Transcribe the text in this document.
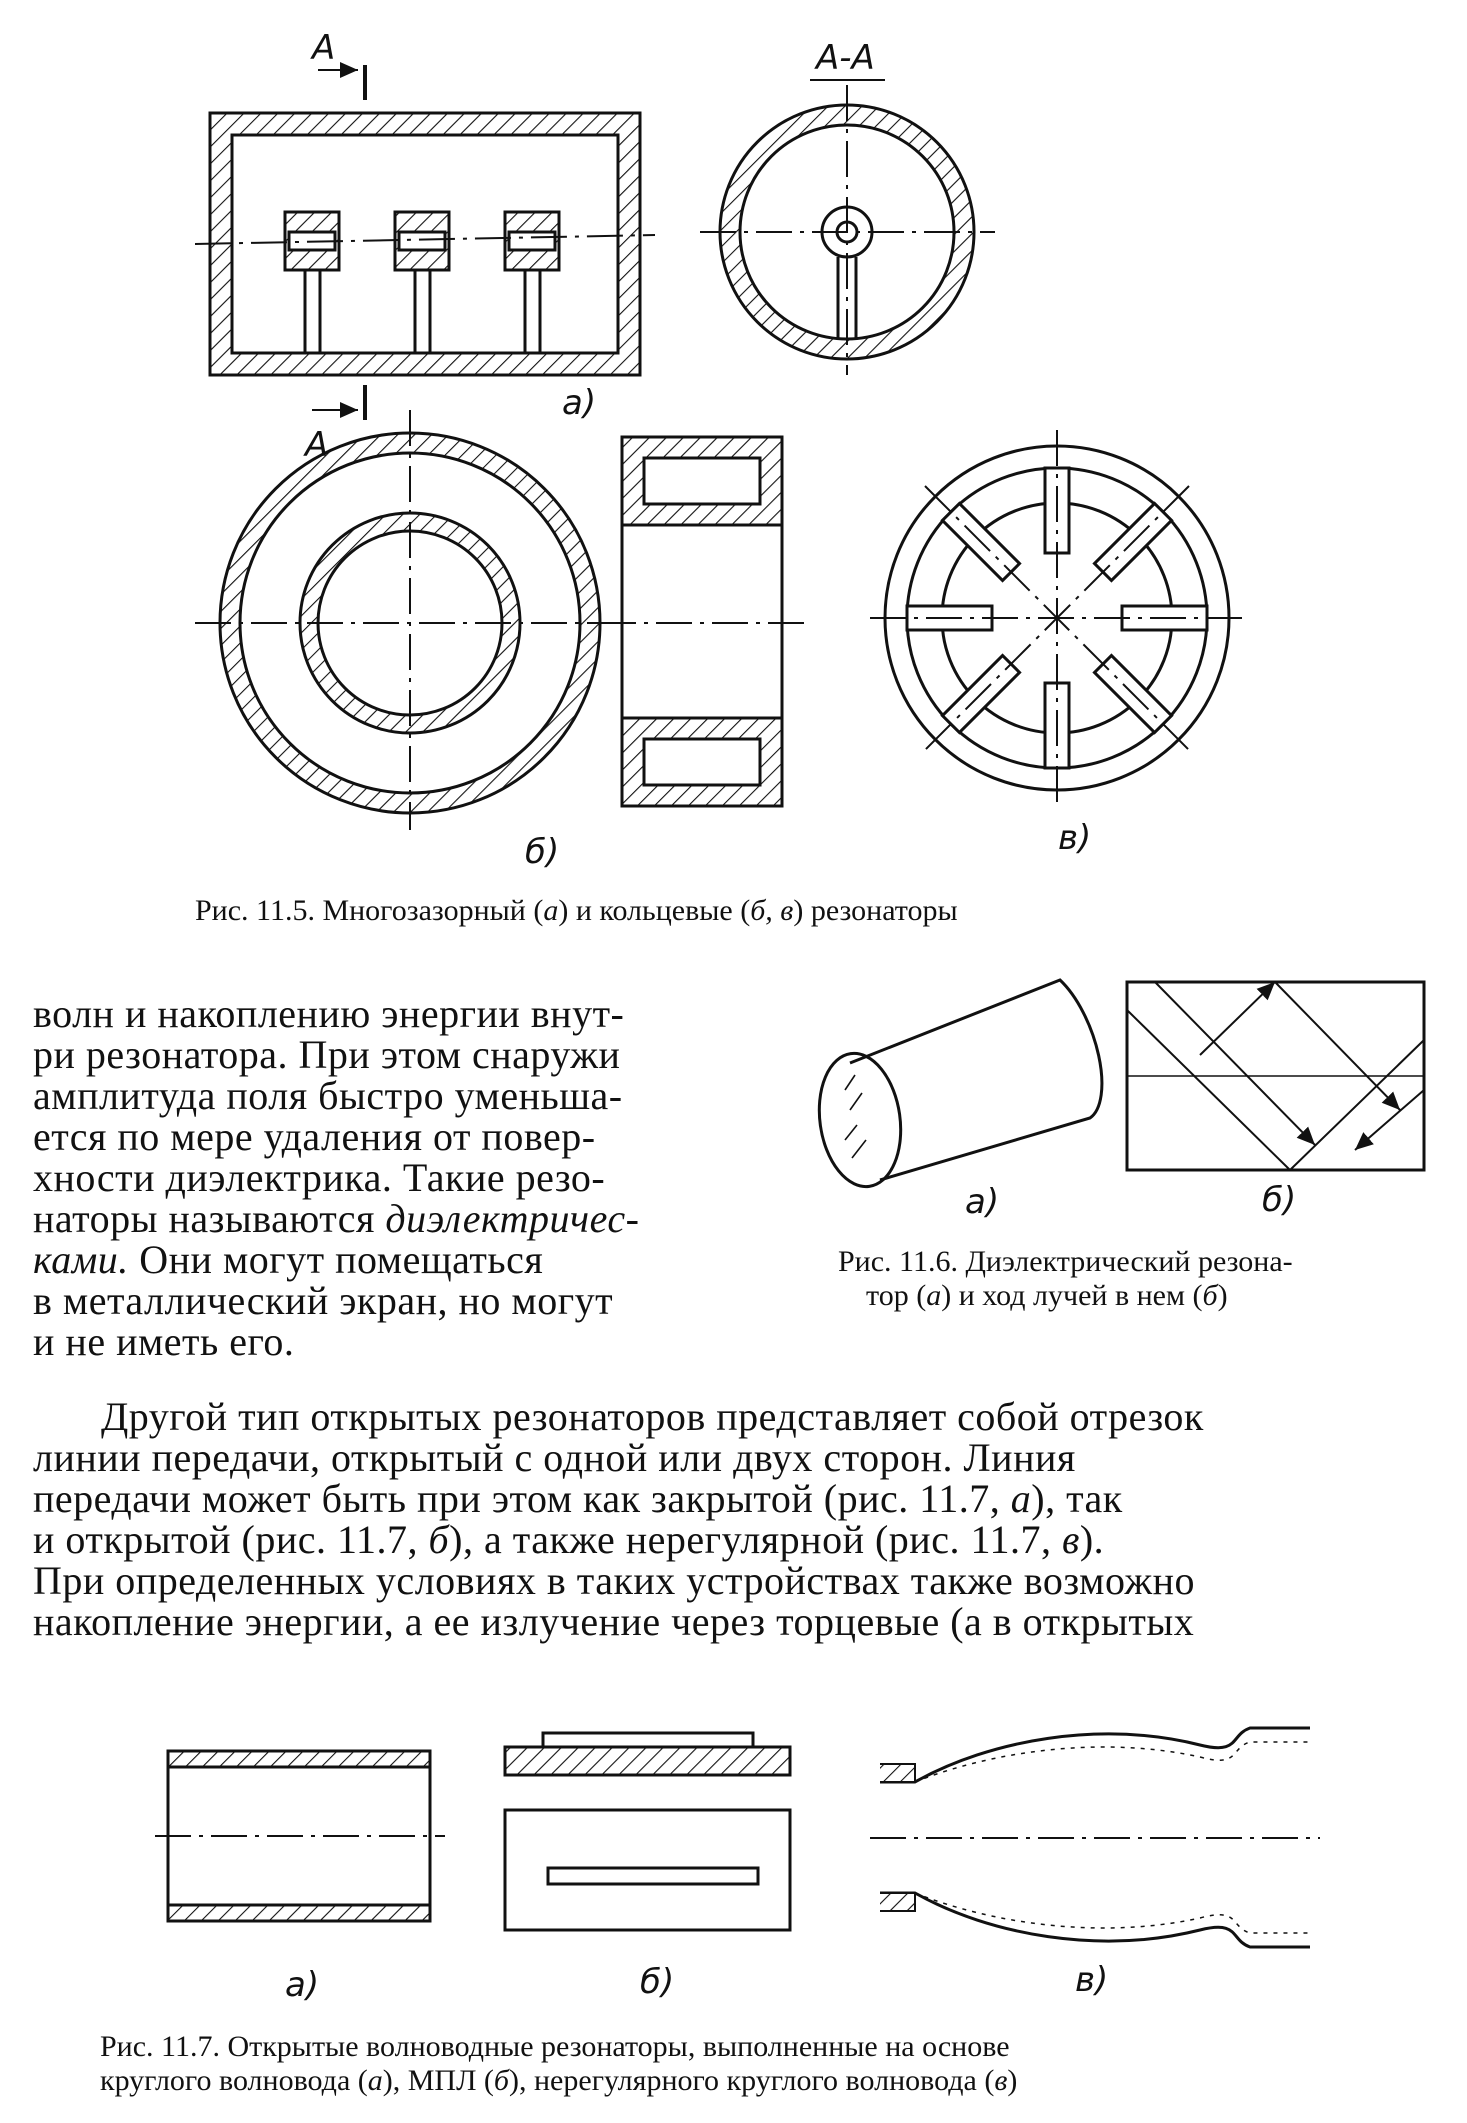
A
A
A-A
а)
б)	в)
а)	б)
а)	б)	в)
Рис. 11.5. Многозазорный (а) и кольцевые (б, в) резонаторы
Рис. 11.6. Диэлектрический резона-
тор (а) и ход лучей в нем (б)
Рис. 11.7. Открытые волноводные резонаторы, выполненные на основе
круглого волновода (а), МПЛ (б), нерегулярного круглого волновода (в)
волн и накоплению энергии внут-
ри резонатора. При этом снаружи
амплитуда поля быстро уменьша-
ется по мере удаления от повер-
хности диэлектрика. Такие резо-
наторы называются диэлектричес-
ками. Они могут помещаться
в металлический экран, но могут
и не иметь его.
Другой тип открытых резонаторов представляет собой отрезок
линии передачи, открытый с одной или двух сторон. Линия
передачи может быть при этом как закрытой (рис. 11.7, а), так
и открытой (рис. 11.7, б), а также нерегулярной (рис. 11.7, в).
При определенных условиях в таких устройствах также возможно
накопление энергии, а ее излучение через торцевые (а в открытых
